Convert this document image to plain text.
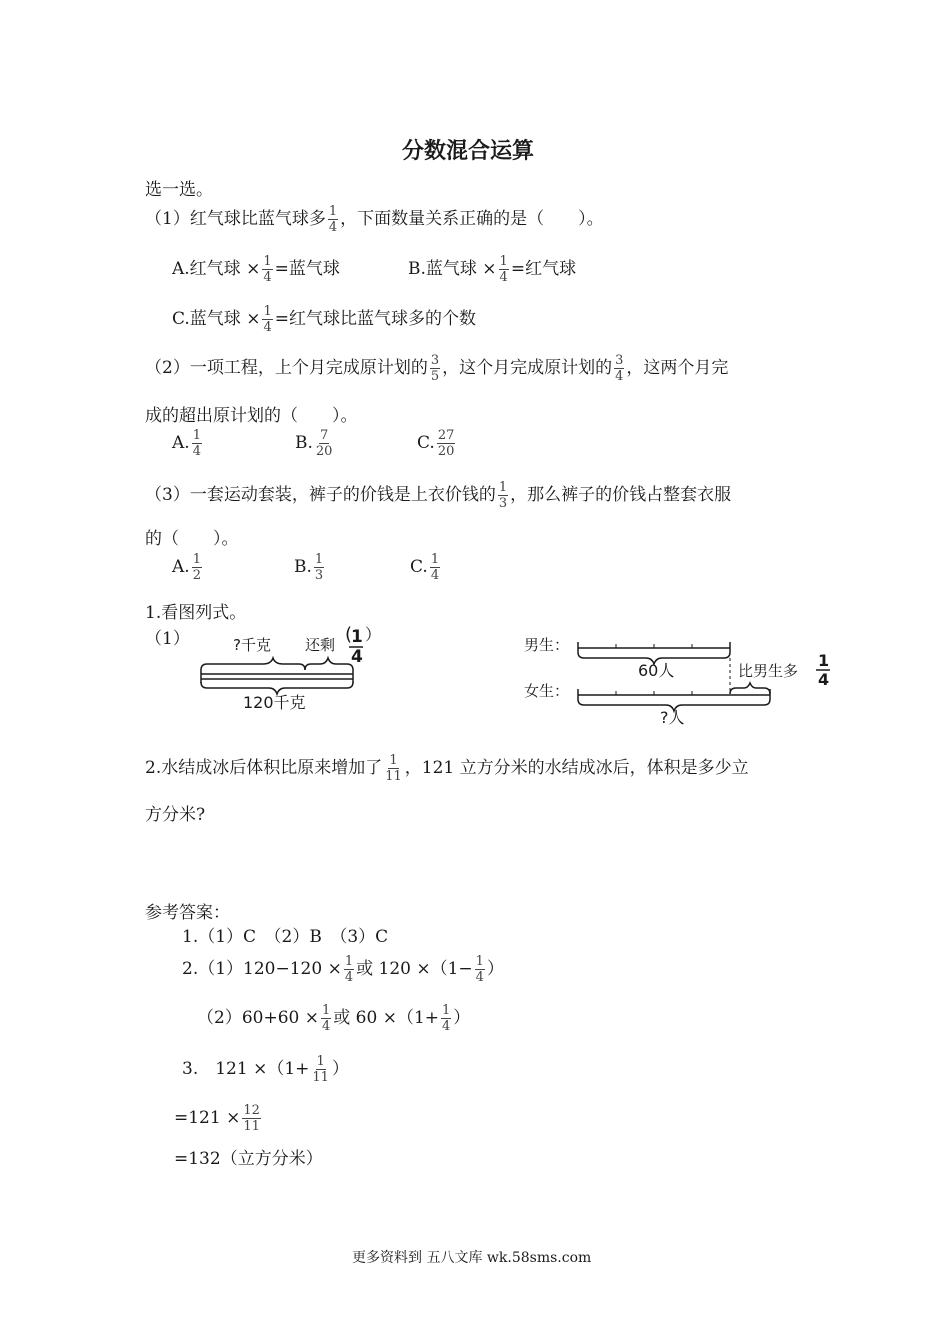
分数混合运算
选一选。
（1）红气球比蓝气球多 $\frac{1}{4}$ ，下面数量关系正确的是（　　）。
A.红气球 × $\frac{1}{4}$ =蓝气球	B.蓝气球 × $\frac{1}{4}$ =红气球
C.蓝气球 × $\frac{1}{4}$ =红气球比蓝气球多的个数
（2）一项工程，上个月完成原计划的 $\frac{3}{5}$ ，这个月完成原计划的 $\frac{3}{4}$ ，这两个月完
成的超出原计划的（　　）。
A. $\frac{1}{4}$	B. $\frac{7}{20}$	C. $\frac{27}{20}$
（3）一套运动套装，裤子的价钱是上衣价钱的 $\frac{1}{3}$ ，那么裤子的价钱占整套衣服
的（　　）。
A. $\frac{1}{2}$	B. $\frac{1}{3}$	C. $\frac{1}{4}$
1.看图列式。
（1）	?千克 还剩 (
1
4
）
120千克
男生：
60人	比男生多
1
4
女生：
?人
2.水结成冰后体积比原来增加了 $\frac{1}{11}$ ，121 立方分米的水结成冰后，体积是多少立
方分米?
参考答案：
1.（1）C　（2）B　（3）C
$2.(1)120-120 \times \frac{1}{4}$ 或 $120 \times(1- \frac{1}{4}$ ）
$(2)60+60 \times \frac{1}{4}$ 或 $60 \times(1+ \frac{1}{4}$ ）
3.　$121 \times(1+ \frac{1}{11}$ ）
$=121 \times \frac{12}{11}$
=132（立方分米）
更多资料到 五八文库 wk.58sms.com
